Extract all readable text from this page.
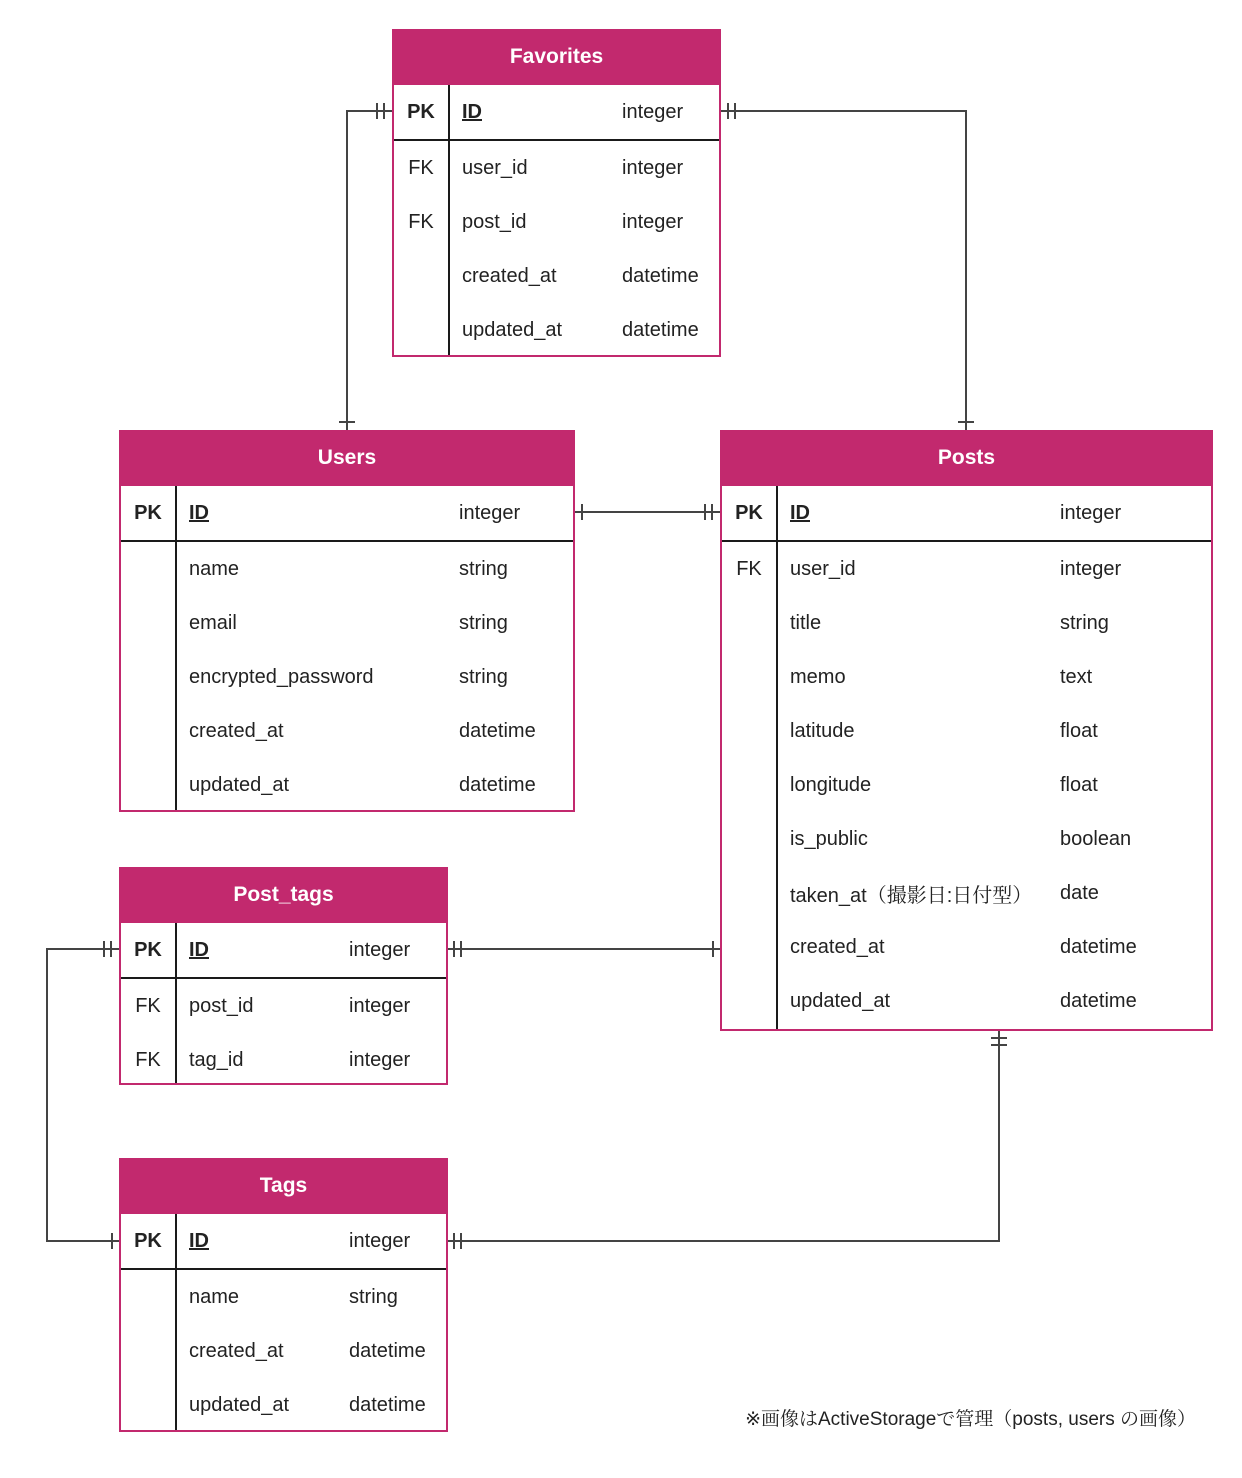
Favorites
PK	ID	integer
FK	user_id	integer
FK	post_id	integer
created_at	datetime
updated_at	datetime
Users
PK	ID	integer
name	string
email	string
encrypted_password	string
created_at	datetime
updated_at	datetime
Posts
PK	ID	integer
FK	user_id	integer
title	string
memo	text
latitude	float
longitude	float
is_public	boolean
taken_at（撮影日:日付型） date
created_at	datetime
updated_at	datetime
Post_tags
PK	ID	integer
FK	post_id	integer
FK	tag_id	integer
Tags
PK	ID	integer
name	string
created_at	datetime
updated_at	datetime
※画像はActiveStorageで管理（posts, users の画像）
